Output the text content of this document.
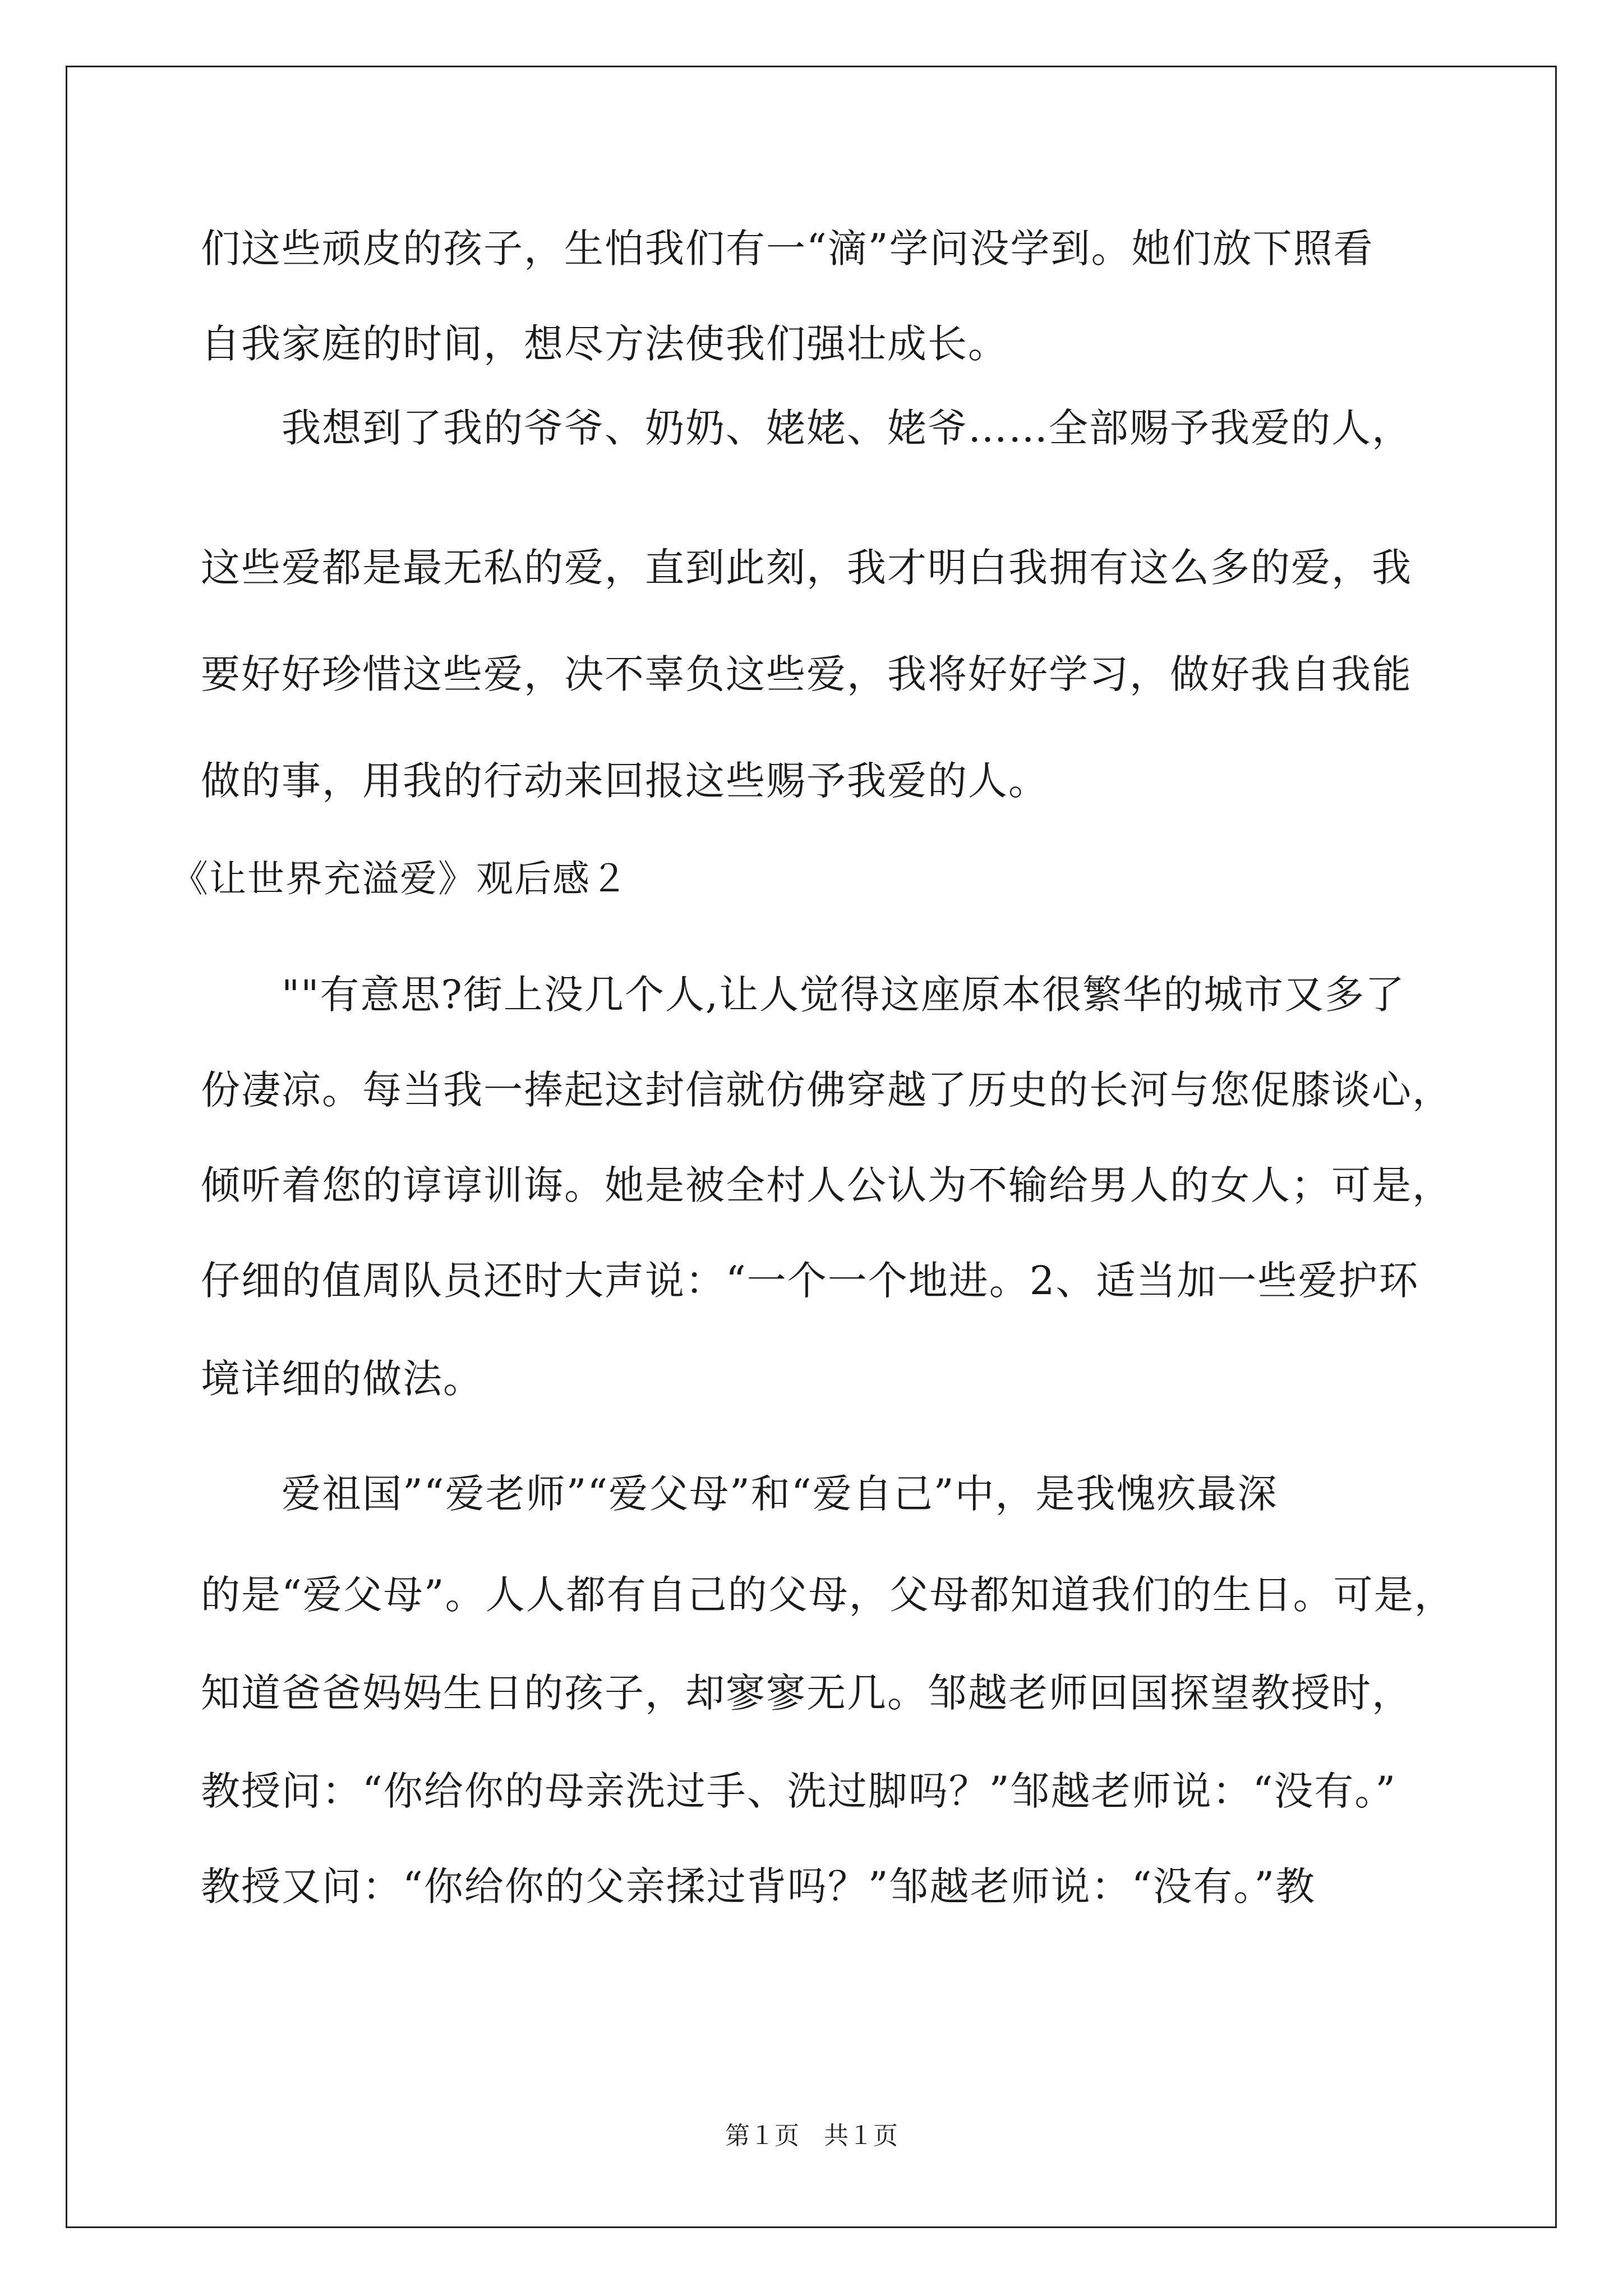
们这些顽皮的孩子，生怕我们有一“滴”学问没学到。她们放下照看
自我家庭的时间，想尽方法使我们强壮成长。
我想到了我的爷爷、奶奶、姥姥、姥爷……全部赐予我爱的人，
这些爱都是最无私的爱，直到此刻，我才明白我拥有这么多的爱，我
要好好珍惜这些爱，决不辜负这些爱，我将好好学习，做好我自我能
做的事，用我的行动来回报这些赐予我爱的人。
《让世界充溢爱》观后感２
""有意思?街上没几个人,让人觉得这座原本很繁华的城市又多了
份凄凉。每当我一捧起这封信就仿佛穿越了历史的长河与您促膝谈心，
倾听着您的谆谆训诲。她是被全村人公认为不输给男人的女人；可是，
仔细的值周队员还时大声说：“一个一个地进。2、适当加一些爱护环
境详细的做法。
爱祖国”“爱老师”“爱父母”和“爱自己”中，是我愧疚最深
的是“爱父母”。人人都有自己的父母，父母都知道我们的生日。可是，
知道爸爸妈妈生日的孩子，却寥寥无几。邹越老师回国探望教授时，
教授问：“你给你的母亲洗过手、洗过脚吗？”邹越老师说：“没有。”
教授又问：“你给你的父亲揉过背吗？”邹越老师说：“没有。”教
第１页　共１页
